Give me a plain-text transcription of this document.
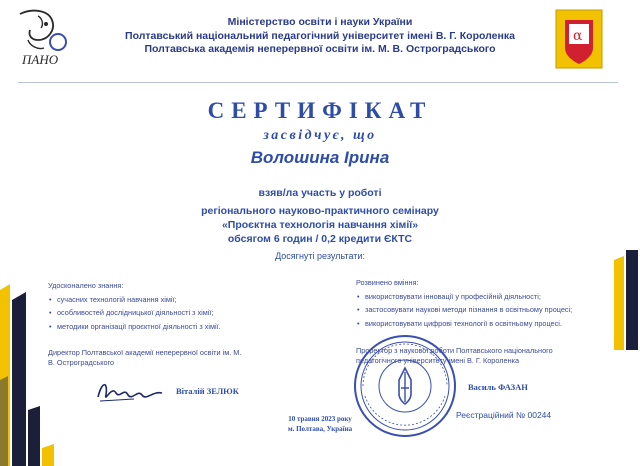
ПАНО
Міністерство освіти і науки України
Полтавський національний педагогічний університет імені В. Г. Короленка
Полтавська академія неперервної освіти ім. М. В. Остроградського
α
СЕРТИФІКАТ
засвідчує, що
Волошина Ірина
взяв/ла участь у роботі
регіонального науково-практичного семінару
«Проєктна технологія навчання хімії»
обсягом 6 годин / 0,2 кредити ЄКТС
Досягнуті результати:
Удосконалено знання:
• сучасних технологій навчання хімії;
• особливостей дослідницької діяльності з хімії;
• методики організації проєктної діяльності з хімії.
Розвинено вміння:
• використовувати інновації у професійній діяльності;
• застосовувати наукові методи пізнання в освітньому процесі;
• використовувати цифрові технології в освітньому процесі.
Директор Полтавської академії неперервної освіти ім. М. В. Остроградського
Віталій ЗЕЛЮК
Проректор з наукової роботи Полтавського національного педагогічного університету імені В. Г. Короленка
Василь ФАЗАН
10 травня 2023 року
м. Полтава, Україна
Реєстраційний № 00244
